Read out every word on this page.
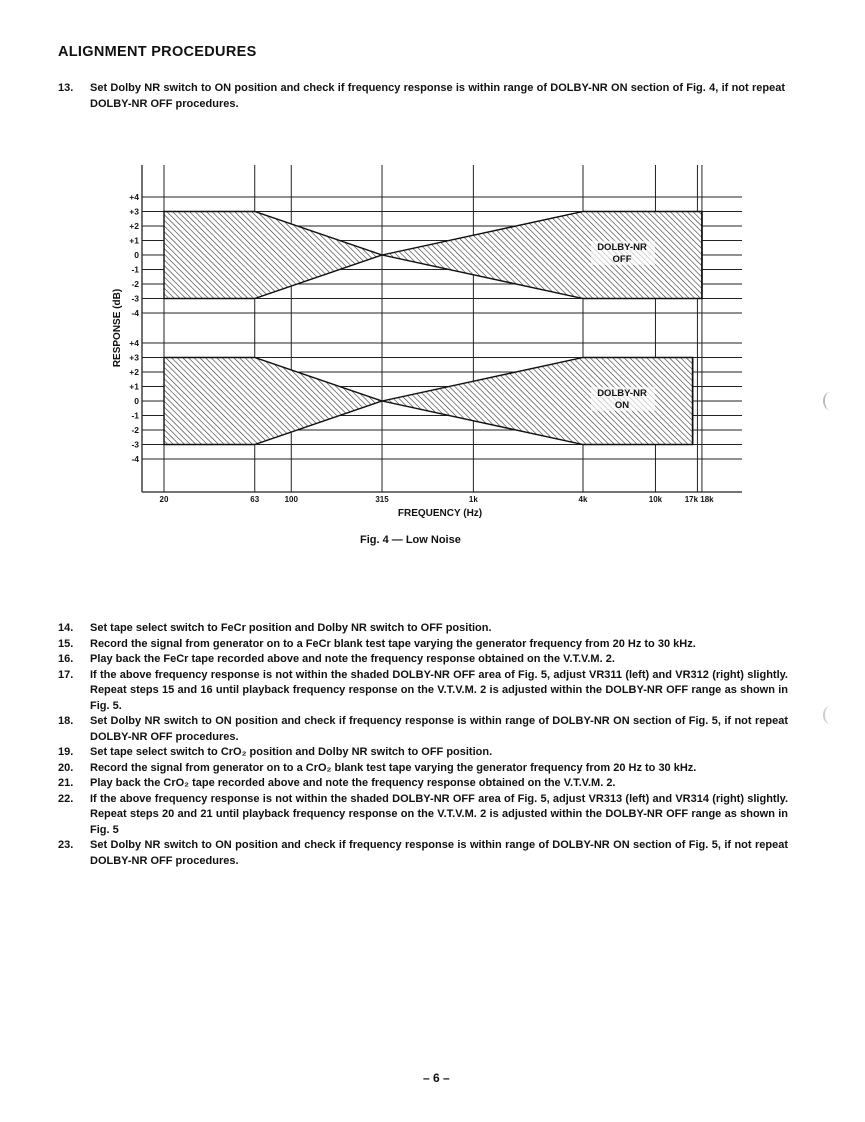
ALIGNMENT PROCEDURES
13.	Set Dolby NR switch to ON position and check if frequency response is within range of DOLBY-NR ON section of Fig. 4, if not repeat DOLBY-NR OFF procedures.
+4
+3
+2
+1
0
-1
-2
-3
-4
+4
+3
+2
+1
0
-1
-2
-3
-4
DOLBY-NR
OFF
DOLBY-NR
ON
20	63	100	315	1k	4k	10k	17k 18k
FREQUENCY (Hz)
RESPONSE (dB)
Fig. 4 — Low Noise
14.	Set tape select switch to FeCr position and Dolby NR switch to OFF position.
15.	Record the signal from generator on to a FeCr blank test tape varying the generator frequency from 20 Hz to 30 kHz.
16.	Play back the FeCr tape recorded above and note the frequency response obtained on the V.T.V.M. 2.
17.	If the above frequency response is not within the shaded DOLBY-NR OFF area of Fig. 5, adjust VR311 (left) and VR312 (right) slightly. Repeat steps 15 and 16 until playback frequency response on the V.T.V.M. 2 is adjusted within the DOLBY-NR OFF range as shown in Fig. 5.
18.	Set Dolby NR switch to ON position and check if frequency response is within range of DOLBY-NR ON section of Fig. 5, if not repeat DOLBY-NR OFF procedures.
19.	Set tape select switch to CrO₂ position and Dolby NR switch to OFF position.
20.	Record the signal from generator on to a CrO₂ blank test tape varying the generator frequency from 20 Hz to 30 kHz.
21.	Play back the CrO₂ tape recorded above and note the frequency response obtained on the V.T.V.M. 2.
22.	If the above frequency response is not within the shaded DOLBY-NR OFF area of Fig. 5, adjust VR313 (left) and VR314 (right) slightly. Repeat steps 20 and 21 until playback frequency response on the V.T.V.M. 2 is adjusted within the DOLBY-NR OFF range as shown in Fig. 5
23.	Set Dolby NR switch to ON position and check if frequency response is within range of DOLBY-NR ON section of Fig. 5, if not repeat DOLBY-NR OFF procedures.
– 6 –
